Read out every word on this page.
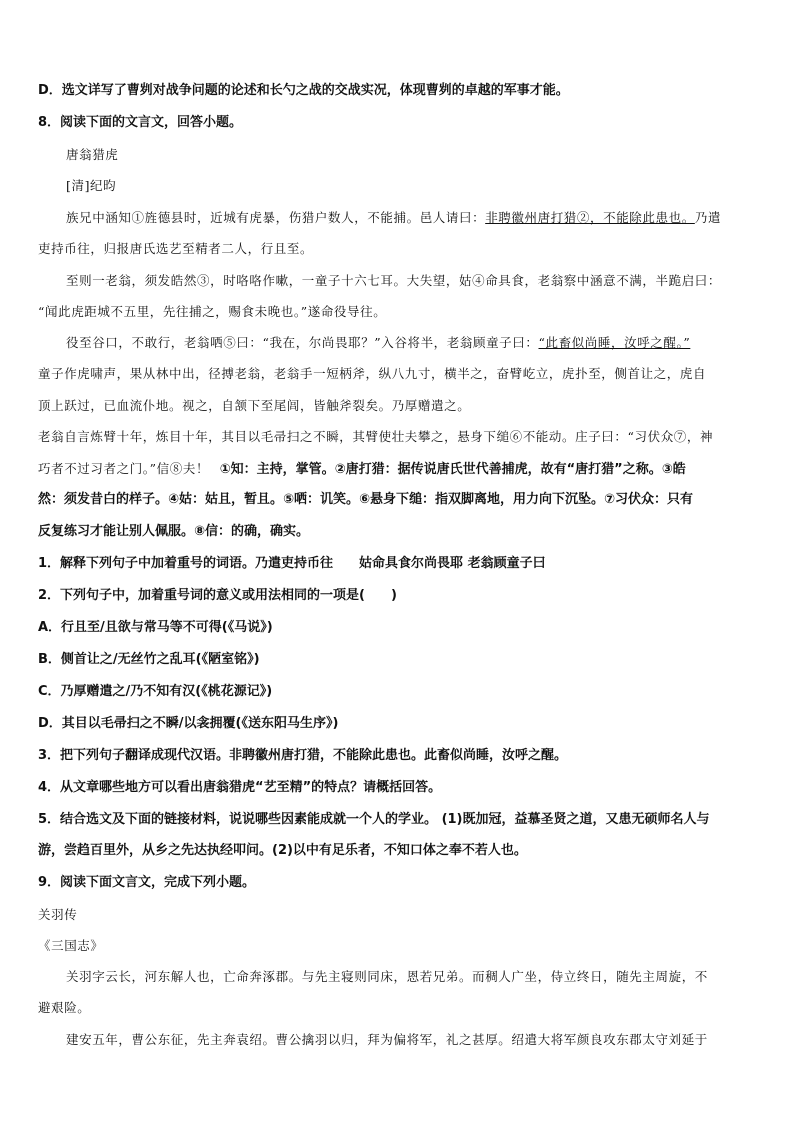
D．选文详写了曹刿对战争问题的论述和长勺之战的交战实况，体现曹刿的卓越的军事才能。
8．阅读下面的文言文，回答小题。
唐翁猎虎
[清]纪昀
族兄中涵知①旌德县时，近城有虎暴，伤猎户数人，不能捕。邑人请曰：非聘徽州唐打猎②，不能除此患也。乃遣
吏持币往，归报唐氏选艺至精者二人，行且至。
至则一老翁，须发皓然③，时咯咯作嗽，一童子十六七耳。大失望，姑④命具食，老翁察中涵意不满，半跪启曰：
“闻此虎距城不五里，先往捕之，赐食未晚也。”遂命役导往。
役至谷口，不敢行，老翁哂⑤曰：“我在，尔尚畏耶？”入谷将半，老翁顾童子曰：“此畜似尚睡，汝呼之醒。”
童子作虎啸声，果从林中出，径搏老翁，老翁手一短柄斧，纵八九寸，横半之，奋臂屹立，虎扑至，侧首让之，虎自
顶上跃过，已血流仆地。视之，自颔下至尾闾，皆触斧裂矣。乃厚赠遣之。
老翁自言炼臂十年，炼目十年，其目以毛帚扫之不瞬，其臂使壮夫攀之，悬身下缒⑥不能动。庄子曰：“习伏众⑦，神
巧者不过习者之门。”信⑧夫！ ①知：主持，掌管。②唐打猎：据传说唐氏世代善捕虎，故有“唐打猎”之称。③皓
然：须发昔白的样子。④姑：姑且，暂且。⑤哂：讥笑。⑥悬身下缒：指双脚离地，用力向下沉坠。⑦习伏众：只有
反复练习才能让别人佩服。⑧信：的确，确实。
1．解释下列句子中加着重号的词语。乃遣吏持币往　　姑命具食尔尚畏耶 老翁顾童子曰
2．下列句子中，加着重号词的意义或用法相同的一项是(　　)
A．行且至/且欲与常马等不可得(《马说》)
B．侧首让之/无丝竹之乱耳(《陋室铭》)
C．乃厚赠遣之/乃不知有汉(《桃花源记》)
D．其目以毛帚扫之不瞬/以衾拥覆(《送东阳马生序》)
3．把下列句子翻译成现代汉语。非聘徽州唐打猎，不能除此患也。此畜似尚睡，汝呼之醒。
4．从文章哪些地方可以看出唐翁猎虎“艺至精”的特点？请概括回答。
5．结合选文及下面的链接材料，说说哪些因素能成就一个人的学业。 (1)既加冠，益慕圣贤之道，又患无硕师名人与
游，尝趋百里外，从乡之先达执经叩问。(2)以中有足乐者，不知口体之奉不若人也。
9．阅读下面文言文，完成下列小题。
关羽传
《三国志》
关羽字云长，河东解人也，亡命奔涿郡。与先主寝则同床，恩若兄弟。而稠人广坐，侍立终日，随先主周旋，不
避艰险。
建安五年，曹公东征，先主奔袁绍。曹公擒羽以归，拜为偏将军，礼之甚厚。绍遣大将军颜良攻东郡太守刘延于
